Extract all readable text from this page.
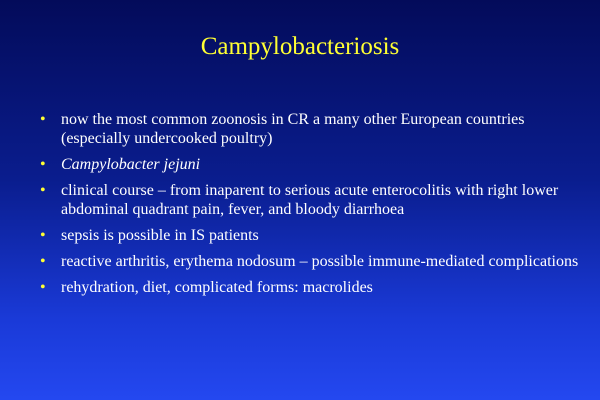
Campylobacteriosis
• now the most common zoonosis in CR a many other European countries (especially undercooked poultry)
• Campylobacter jejuni
• clinical course – from inaparent to serious acute enterocolitis with right lower abdominal quadrant pain, fever, and bloody diarrhoea
• sepsis is possible in IS patients
• reactive arthritis, erythema nodosum – possible immune-mediated complications
• rehydration, diet, complicated forms: macrolides
